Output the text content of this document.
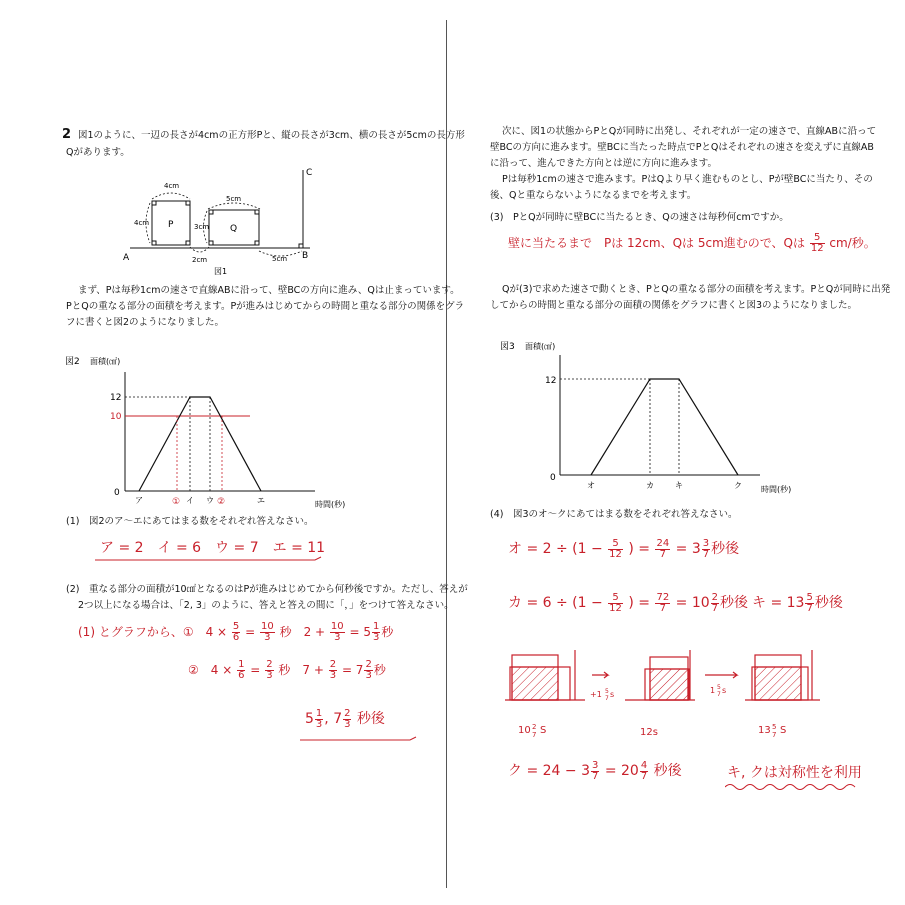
2 図1のように、一辺の長さが4cmの正方形Pと、縦の長さが3cm、横の長さが5cmの長方形
Qがあります。
A	B
C
P	Q
4cm
4cm	3cm
5cm
2cm	5cm
図1
まず、Pは毎秒1cmの速さで直線ABに沿って、壁BCの方向に進み、Qは止まっています。
PとQの重なる部分の面積を考えます。Pが進みはじめてからの時間と重なる部分の関係をグラ
フに書くと図2のようになりました。
図2 面積(㎠)
12
10
0
ア	① イ ウ ②	エ	時間(秒)
(1)　図2のア～エにあてはまる数をそれぞれ答えなさい。
ア = 2　イ = 6　ウ = 7　エ = 11
(2)　重なる部分の面積が10㎠となるのはPが進みはじめてから何秒後ですか。ただし、答えが
2つ以上になる場合は、「2, 3」のように、答えと答えの間に「，」をつけて答えなさい。
(1) とグラフから、①　$4 \times \frac{5}{6} = \frac{10}{3}$ 秒　$2 + \frac{10}{3} = 5 \frac{1}{3}$ 秒
②　$4 \times \frac{1}{6} = \frac{2}{3}$ 秒　$7 + \frac{2}{3} = 7 \frac{2}{3}$ 秒
$5 \frac{1}{3}$ , $7 \frac{2}{3}$ 秒後
次に、図1の状態からPとQが同時に出発し、それぞれが一定の速さで、直線ABに沿って
壁BCの方向に進みます。壁BCに当たった時点でPとQはそれぞれの速さを変えずに直線AB
に沿って、進んできた方向とは逆に方向に進みます。
Pは毎秒1cmの速さで進みます。PはQより早く進むものとし、Pが壁BCに当たり、その
後、Qと重ならないようになるまでを考えます。
(3)　PとQが同時に壁BCに当たるとき、Qの速さは毎秒何cmですか。
壁に当たるまで　Pは 12cm、Qは 5cm進むので、Qは $\frac{5}{12} cm/$秒。
Qが(3)で求めた速さで動くとき、PとQの重なる部分の面積を考えます。PとQが同時に出発
してからの時間と重なる部分の面積の関係をグラフに書くと図3のようになりました。
図3 面積(㎠)
12
0
オ	カ	キ	ク 時間(秒)
(4)　図3のオ～クにあてはまる数をそれぞれ答えなさい。
オ = $2 \div (1 - \frac{5}{12}$ ) = $\frac{24}{7} = 3 \frac{3}{7}$ 秒後
カ = $6 \div (1 - \frac{5}{12}$ ) = $\frac{72}{7} = 10 \frac{2}{7}$ 秒後 キ = $13 \frac{5}{7}$ 秒後
10 2
7 S	12s	13 5
7 S
+1 5
7 s	1 5
7 s
ク = $24 - 3 \frac{3}{7} = 20 \frac{4}{7}$ 秒後	キ, クは対称性を利用
